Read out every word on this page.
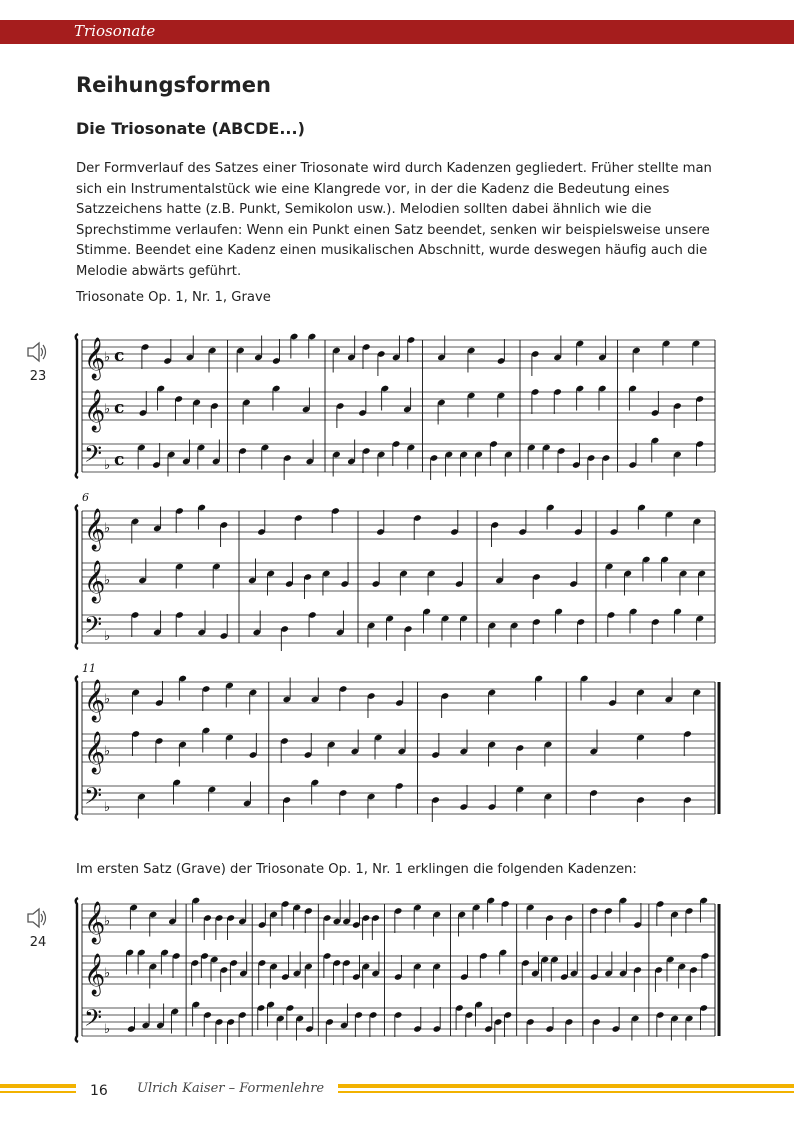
Triosonate
Reihungsformen
Die Triosonate (ABCDE...)

Der Formverlauf des Satzes einer Triosonate wird durch Kadenzen gegliedert. Früher stellte man sich ein Instrumentalstück wie eine Klangrede vor, in der die Kadenz die Bedeutung eines Satzzeichens hatte (z.B. Punkt, Semikolon usw.). Melodien sollten dabei ähnlich wie die Sprechstimme verlaufen: Wenn ein Punkt einen Satz beendet, senken wir beispielsweise unsere Stimme. Beendet eine Kadenz einen musikalischen Abschnitt, wurde deswegen häufig auch die Melodie abwärts geführt.

Triosonate Op. 1, Nr. 1, Grave

23 𝄞
♭ c
𝄞
♭ c
𝄢 ♭ c
𝄞
♭
𝄞
♭
𝄢 ♭
6
𝄞
♭
𝄞
♭
𝄢 ♭
11

Im ersten Satz (Grave) der Triosonate Op. 1, Nr. 1 erklingen die folgenden Kadenzen:

24 𝄞
♭
𝄞
♭
𝄢 ♭
16 Ulrich Kaiser – Formenlehre
